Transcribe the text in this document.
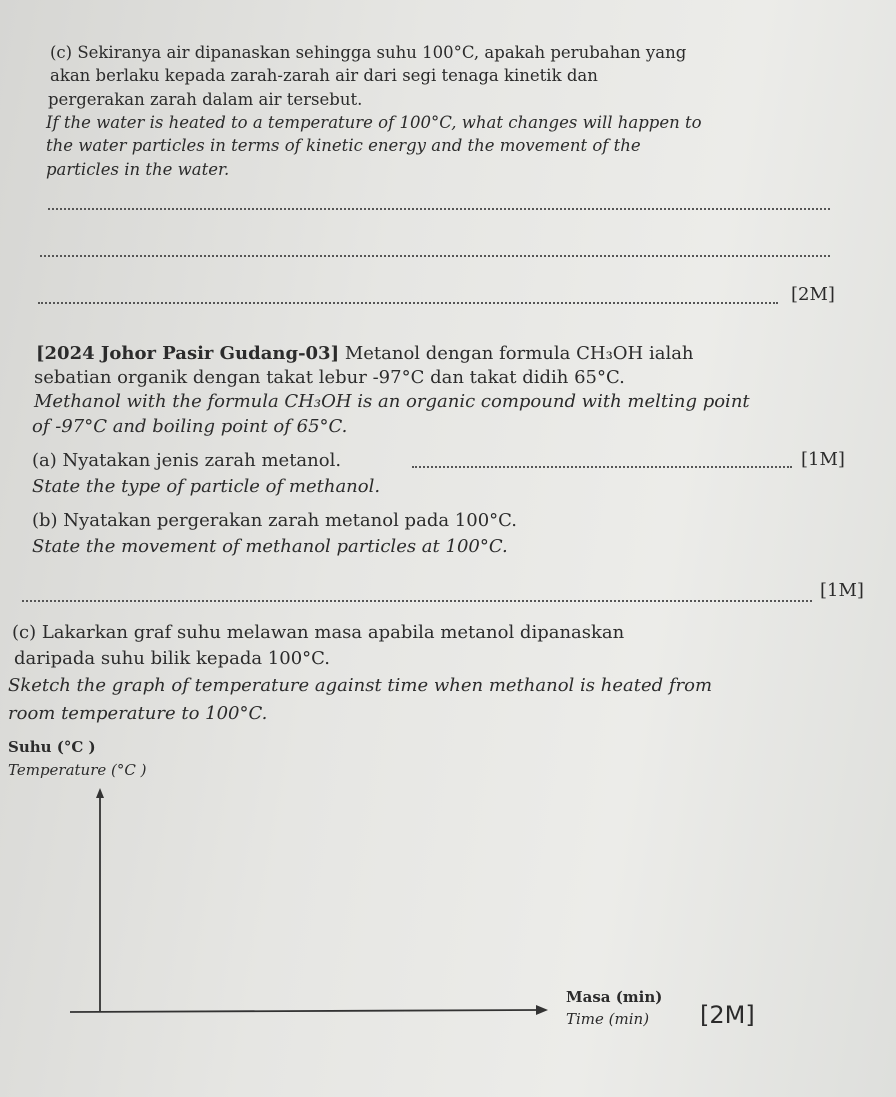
(c) Sekiranya air dipanaskan sehingga suhu 100°C, apakah perubahan yang
akan berlaku kepada zarah-zarah air dari segi tenaga kinetik dan
pergerakan zarah dalam air tersebut.
If the water is heated to a temperature of 100°C, what changes will happen to
the water particles in terms of kinetic energy and the movement of the
particles in the water.
[2M]
[2024 Johor Pasir Gudang-03] Metanol dengan formula CH₃OH ialah
sebatian organik dengan takat lebur -97°C dan takat didih 65°C.
Methanol with the formula CH₃OH is an organic compound with melting point
of -97°C and boiling point of 65°C.
(a) Nyatakan jenis zarah metanol.	[1M]
State the type of particle of methanol.
(b) Nyatakan pergerakan zarah metanol pada 100°C.
State the movement of methanol particles at 100°C.
[1M]
(c) Lakarkan graf suhu melawan masa apabila metanol dipanaskan
daripada suhu bilik kepada 100°C.
Sketch the graph of temperature against time when methanol is heated from
room temperature to 100°C.
Suhu (°C )
Temperature (°C )
Masa (min)
Time (min) [2M]
